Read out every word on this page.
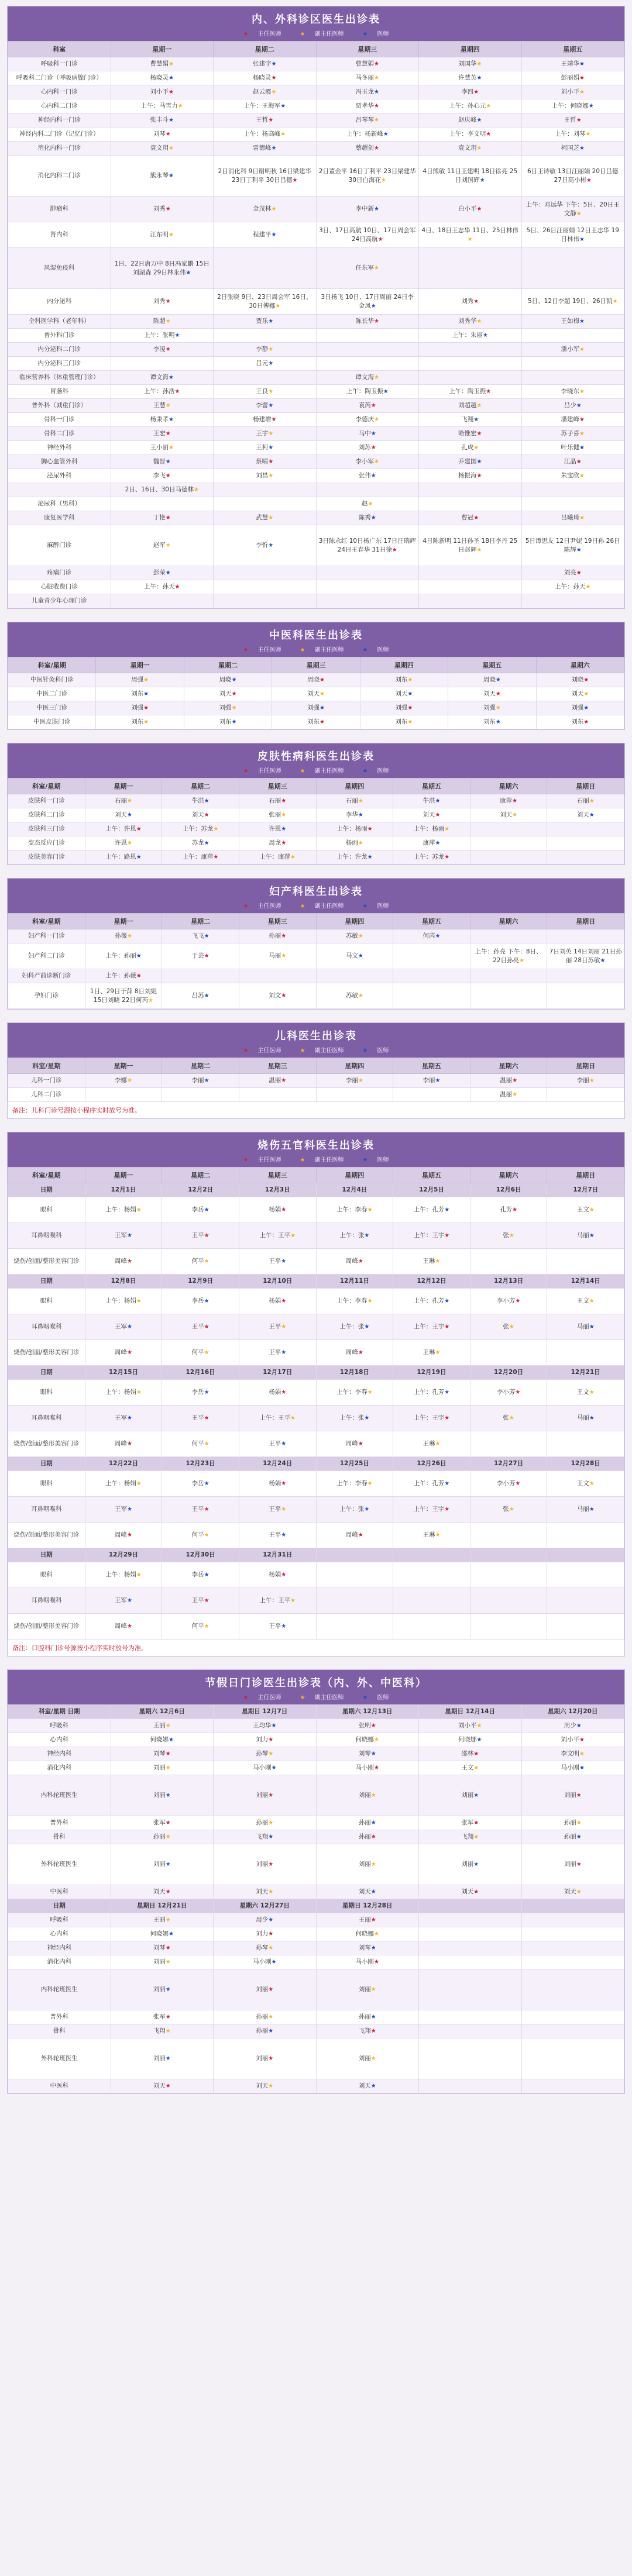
内、外科诊区医生出诊表
★ 主任医师	★ 副主任医师	★ 医师
科室	星期一	星期二	星期三	星期四	星期五
呼吸科一门诊	曹慧娟★	张建宇★	曹慧娟★	刘国华★	王靖华★
呼吸科二门诊（呼吸病腺门诊）	杨晓灵★	杨晓灵★	马冬丽★	许慧英★	彭丽娟★
心内科一门诊	刘小平★	赵云霞★	冯玉龙★	李四★	刘小平★
心内科二门诊	上午：马雪力★	上午：王海军★	贾孝华★	上午：孙心元★	上午：何晓娜★
神经内科一门诊	张丰斗★	王哲★	吕琴琴★	赵庆峰★	王哲★
神经内科二门诊（记忆门诊）	刘琴★	上午：杨高峰★	上午：杨新峰★	上午：李文明★	上午：刘琴★
消化内科一门诊	袁文玥★	雷德峰★	蔡超剑★	袁文玥★	柯国芝★
消化内科二门诊	熊永琴★	2日消化科 9日谢明秋 16日梁建华 23日丁利平 30日吕德★	2日董金平 16日丁利平 23日梁建华 30日白海花★	4日熊敏 11日王建明 18日徐亮 25日刘国辉★	6日王诗敏 13日汪丽娟 20日吕德 27日高小彬★
肿瘤科	刘秀★	金茂林★	李中新★	白小平★	上午：邓远华 下午：5日、20日王文静★
肾内科	江东明★	程建平★	3日、17日高航 10日、17日周会军 24日高航★	4日、18日王志华 11日、25日林伟★	5日、26日汪丽娟 12日王志华 19日林伟★
风湿免疫科	1日、22日唐万中 8日冯家鹏 15日刘湖森 29日林永伟★		任东军★		
内分泌科	刘秀★	2日张晓 9日、23日周会军 16日、30日傅娜★	3日杨飞 10日、17日周丽 24日李金凤★	刘秀★	5日、12日李超 19日、26日凯★
全科医学科（老年科）	陈超★	贾乐★	陈长华★	刘秀华★	王如梅★
普外科门诊	上午：张明★			上午：朱丽★	
内分泌科二门诊	李凌★	李静★			潘小军★
内分泌科三门诊		吕元★			
临床营养科（体重管理门诊）	谭文海★		谭文海★		
胃肠科	上午：孙浩★	王良★	上午：陶玉振★	上午：陶玉振★	李晓东★
普外科（减重门诊）	王慧★	李蕾★	袁芮★	刘超越★	吕少★
骨科一门诊	杨秉孝★	杨建增★	李德庆★	飞翔★	潘建峰★
骨科二门诊	王宏★	王宇★	马中★	哈惟宏★	苏子喜★
神经外科	王小丽★	王柯★	刘苏★	孔成★	叶乐健★
胸心血管外科	魏晋★	蔡晴★	李小军★	乔建国★	江晶★
泌尿外科	李飞★	刘昌★	张伟★	杨振海★	朱宝欣★
	2日、16日、30日马德林★				
泌尿科（男科）			赵★		
康复医学科	丁艳★	武慧★	陈秀★	曹冠★	吕曦琦★
麻醉门诊	赵军★	李忻★	3日陈永红 10日杨广东 17日汪瑞辉 24日王春华 31日徐★	4日陈新明 11日孙圣 18日李丹 25日赵辉★	5日谭思友 12日尹妮 19日孙 26日陈辉★
疼痛门诊	彭荣★				刘亮★
心脏收费门诊	上午：孙天★				上午：孙天★
儿童青少年心理门诊					
中医科医生出诊表
★ 主任医师	★ 副主任医师	★ 医师
科室/星期	星期一	星期二	星期三	星期四	星期五	星期六
中医针灸科门诊	周强★	周晓★	周晓★	刘东★	周晓★	刘晓★
中医二门诊	刘东★	刘天★	刘天★	刘天★	刘天★	刘天★
中医三门诊	刘强★	刘强★	刘强★	刘强★	刘强★	刘强★
中医皮肤门诊	刘东★	刘东★	刘东★	刘东★	刘东★	刘东★
皮肤性病科医生出诊表
★ 主任医师	★ 副主任医师	★ 医师
科室/星期	星期一	星期二	星期三	星期四	星期五	星期六	星期日
皮肤科一门诊	石丽★	牛洪★	石丽★	石丽★	牛洪★	康萍★	石丽★
皮肤科二门诊	刘天★	刘天★	张丽★	李华★	刘天★	刘天★	刘天★
皮肤科三门诊	上午：许恩★	上午：苏龙★	许恩★	上午：杨雨★	上午：杨雨★		
变态反应门诊	许恩★	苏龙★	周龙★	杨雨★	康萍★		
皮肤美容门诊	上午：路恩★	上午：康萍★	上午：康萍★	上午：许龙★	上午：苏龙★		
妇产科医生出诊表
★ 主任医师	★ 副主任医师	★ 医师
科室/星期	星期一	星期二	星期三	星期四	星期五	星期六	星期日
妇产科一门诊	孙薇★	飞飞★	孙丽★	苏敏★	何芮★		
妇产科二门诊	上午：孙丽★	于芸★	马丽★	马文★		上午：孙亮 下午：8日、22日孙亮★	7日刘英 14日刘丽 21日孙丽 28日苏敏★
妇科产前诊断门诊	上午：孙薇★						
孕妇门诊	1日、29日于萍 8日刘姐 15日刘晓 22日何芮★	吕苏★	刘文★	苏敏★			
儿科医生出诊表
★ 主任医师	★ 副主任医师	★ 医师
科室/星期	星期一	星期二	星期三	星期四	星期五	星期六	星期日
儿科一门诊	李娜★	李丽★	温丽★	李丽★	李丽★	温丽★	李丽★
儿科二门诊						温丽★	
备注：儿科门诊号源按小程序实时放号为准。
烧伤五官科医生出诊表
★ 主任医师	★ 副主任医师	★ 医师
科室/星期	星期一	星期二	星期三	星期四	星期五	星期六	星期日
日期	12月1日	12月2日	12月3日	12月4日	12月5日	12月6日	12月7日
眼科	上午：杨娟★	李岳★	杨娟★	上午：李春★	上午：孔芳★	孔芳★	王文★
耳鼻咽喉科	王军★	王平★	上午：王平★	上午：张★	上午：王宇★	张★	马丽★
烧伤/创面/整形美容门诊	周峰★	何平★	王平★	周峰★	王琳★		
日期	12月8日	12月9日	12月10日	12月11日	12月12日	12月13日	12月14日
眼科	上午：杨娟★	李岳★	杨娟★	上午：李春★	上午：孔芳★	李小芳★	王文★
耳鼻咽喉科	王军★	王平★	王平★	上午：张★	上午：王宇★	张★	马丽★
烧伤/创面/整形美容门诊	周峰★	何平★	王平★	周峰★	王琳★		
日期	12月15日	12月16日	12月17日	12月18日	12月19日	12月20日	12月21日
眼科	上午：杨娟★	李岳★	杨娟★	上午：李春★	上午：孔芳★	李小芳★	王文★
耳鼻咽喉科	王军★	王平★	上午：王平★	上午：张★	上午：王宇★	张★	马丽★
烧伤/创面/整形美容门诊	周峰★	何平★	王平★	周峰★	王琳★		
日期	12月22日	12月23日	12月24日	12月25日	12月26日	12月27日	12月28日
眼科	上午：杨娟★	李岳★	杨娟★	上午：李春★	上午：孔芳★	李小芳★	王文★
耳鼻咽喉科	王军★	王平★	王平★	上午：张★	上午：王宇★	张★	马丽★
烧伤/创面/整形美容门诊	周峰★	何平★	王平★	周峰★	王琳★		
日期	12月29日	12月30日	12月31日				
眼科	上午：杨娟★	李岳★	杨娟★				
耳鼻咽喉科	王军★	王平★	上午：王平★				
烧伤/创面/整形美容门诊	周峰★	何平★	王平★				
备注：口腔科门诊号源按小程序实时放号为准。
节假日门诊医生出诊表（内、外、中医科）
★ 主任医师	★ 副主任医师	★ 医师
科室/星期 日期	星期六 12月6日	星期日 12月7日	星期六 12月13日	星期日 12月14日	星期六 12月20日
呼吸科	王丽★	王均华★	张明★	刘小平★	周少★
心内科	何晓娜★	刘力★	何晓娜★	何晓娜★	刘小平★
神经内科	刘琴★	孙琴★	刘琴★	邵林★	李文明★
消化内科	刘丽★	马小刚★	马小刚★	王文★	马小刚★
内科轮班医生	刘丽★	刘丽★	刘丽★	刘丽★	刘丽★
普外科	张军★	孙丽★	孙丽★	张军★	孙丽★
骨科	孙丽★	飞翔★	孙丽★	飞翔★	孙丽★
外科轮班医生	刘丽★	刘丽★	刘丽★	刘丽★	刘丽★
中医科	刘天★	刘天★	刘天★	刘天★	刘天★
日期	星期日 12月21日	星期六 12月27日	星期日 12月28日		
呼吸科	王丽★	周少★	王丽★		
心内科	何晓娜★	刘力★	何晓娜★		
神经内科	刘琴★	孙琴★	刘琴★		
消化内科	刘丽★	马小刚★	马小刚★		
内科轮班医生	刘丽★	刘丽★	刘丽★		
普外科	张军★	孙丽★	孙丽★		
骨科	飞翔★	孙丽★	飞翔★		
外科轮班医生	刘丽★	刘丽★	刘丽★		
中医科	刘天★	刘天★	刘天★		
